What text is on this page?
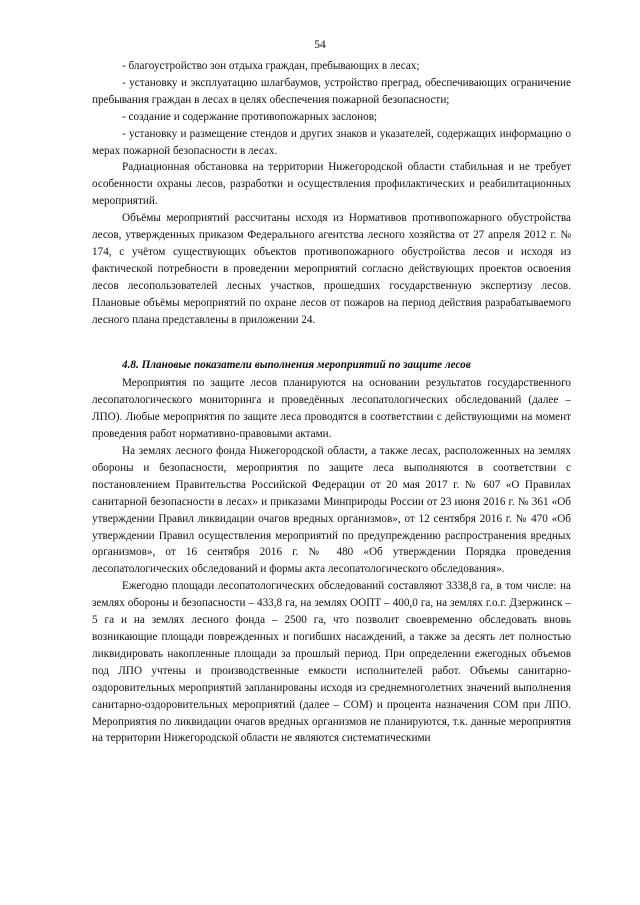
54

- благоустройство зон отдыха граждан, пребывающих в лесах;

- установку и эксплуатацию шлагбаумов, устройство преград, обеспечивающих ограничение пребывания граждан в лесах в целях обеспечения пожарной безопасности;

- создание и содержание противопожарных заслонов;

- установку и размещение стендов и других знаков и указателей, содержащих информацию о мерах пожарной безопасности в лесах.

Радиационная обстановка на территории Нижегородской области стабильная и не требует особенности охраны лесов, разработки и осуществления профилактических и реабилитационных мероприятий.

Объёмы мероприятий рассчитаны исходя из Нормативов противопожарного обустройства лесов, утвержденных приказом Федерального агентства лесного хозяйства от 27 апреля 2012 г. № 174, с учётом существующих объектов противопожарного обустройства лесов и исходя из фактической потребности в проведении мероприятий согласно действующих проектов освоения лесов лесопользователей лесных участков, прошедших государственную экспертизу лесов. Плановые объёмы мероприятий по охране лесов от пожаров на период действия разрабатываемого лесного плана представлены в приложении 24.

4.8. Плановые показатели выполнения мероприятий по защите лесов

Мероприятия по защите лесов планируются на основании результатов государственного лесопатологического мониторинга и проведённых лесопатологических обследований (далее – ЛПО). Любые мероприятия по защите леса проводятся в соответствии с действующими на момент проведения работ нормативно-правовыми актами.

На землях лесного фонда Нижегородской области, а также лесах, расположенных на землях обороны и безопасности, мероприятия по защите леса выполняются в соответствии с постановлением Правительства Российской Федерации от 20 мая 2017 г. № 607 «О Правилах санитарной безопасности в лесах» и приказами Минприроды России от 23 июня 2016 г. № 361 «Об утверждении Правил ликвидации очагов вредных организмов», от 12 сентября 2016 г. № 470 «Об утверждении Правил осуществления мероприятий по предупреждению распространения вредных организмов», от 16 сентября 2016 г. № 480 «Об утверждении Порядка проведения лесопатологических обследований и формы акта лесопатологического обследования».

Ежегодно площади лесопатологических обследований составляют 3338,8 га, в том числе: на землях обороны и безопасности – 433,8 га, на землях ООПТ – 400,0 га, на землях г.о.г. Дзержинск – 5 га и на землях лесного фонда – 2500 га, что позволит своевременно обследовать вновь возникающие площади поврежденных и погибших насаждений, а также за десять лет полностью ликвидировать накопленные площади за прошлый период. При определении ежегодных объемов под ЛПО учтены и производственные емкости исполнителей работ. Объемы санитарно-оздоровительных мероприятий запланированы исходя из среднемноголетних значений выполнения санитарно-оздоровительных мероприятий (далее – СОМ) и процента назначения СОМ при ЛПО. Мероприятия по ликвидации очагов вредных организмов не планируются, т.к. данные мероприятия на территории Нижегородской области не являются систематическими
